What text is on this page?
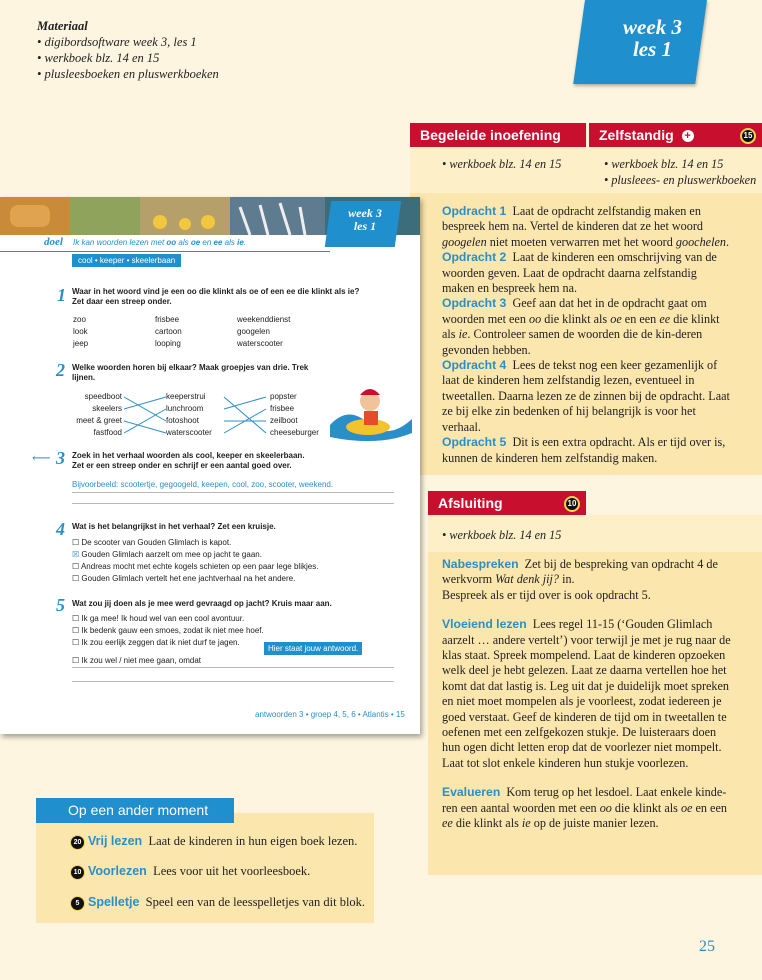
Materiaal
• digibordsoftware week 3, les 1
• werkboek blz. 14 en 15
• plusleesboeken en pluswerkboeken
week 3
les 1
Begeleide inoefening	Zelfstandig +	15
• werkboek blz. 14 en 15	• werkboek blz. 14 en 15
• plusleees- en pluswerkboeken

Opdracht 1 Laat de opdracht zelfstandig maken en bespreek hem na. Vertel de kinderen dat ze het woord googelen niet moeten verwarren met het woord goochelen.

Opdracht 2 Laat de kinderen een omschrijving van de woorden geven. Laat de opdracht daarna zelfstandig maken en bespreek hem na.

Opdracht 3 Geef aan dat het in de opdracht gaat om woorden met een oo die klinkt als oe en een ee die klinkt als ie. Controleer samen de woorden die de kin-deren gevonden hebben.

Opdracht 4 Lees de tekst nog een keer gezamenlijk of laat de kinderen hem zelfstandig lezen, eventueel in tweetallen. Daarna lezen ze de zinnen bij de opdracht. Laat ze bij elke zin bedenken of hij belangrijk is voor het verhaal.

Opdracht 5 Dit is een extra opdracht. Als er tijd over is, kunnen de kinderen hem zelfstandig maken.

Afsluiting	10
• werkboek blz. 14 en 15

Nabespreken Zet bij de bespreking van opdracht 4 de werkvorm Wat denk jij? in.

Bespreek als er tijd over is ook opdracht 5.

Vloeiend lezen Lees regel 11-15 (‘Gouden Glimlach aarzelt … andere vertelt’) voor terwijl je met je rug naar de klas staat. Spreek mompelend. Laat de kinderen opzoeken welk deel je hebt gelezen. Laat ze daarna vertellen hoe het komt dat dat lastig is. Leg uit dat je duidelijk moet spreken en niet moet mompelen als je voorleest, zodat iedereen je goed verstaat. Geef de kinderen de tijd om in tweetallen te oefenen met een zelfgekozen stukje. De luisteraars doen hun ogen dicht letten erop dat de voorlezer niet mompelt. Laat tot slot enkele kinderen hun stukje voorlezen.

Evalueren Kom terug op het lesdoel. Laat enkele kinde-ren een aantal woorden met een oo die klinkt als oe en een ee die klinkt als ie op de juiste manier lezen.

week 3
les 1
doel Ik kan woorden lezen met oo als oe en ee als ie.
cool • keeper • skeelerbaan
1 Waar in het woord vind je een oo die klinkt als oe of een ee die klinkt als ie? Zet daar een streep onder.
zoo	frisbee	weekenddienst
look	cartoon	googelen
jeep	looping	waterscooter
2 Welke woorden horen bij elkaar? Maak groepjes van drie. Trek lijnen.
speedboot
skeelers
meet & greet
fastfood
keeperstrui
lunchroom
fotoshoot
waterscooter
popster
frisbee
zeilboot
cheeseburger
⟵ 3 Zoek in het verhaal woorden als cool, keeper en skeelerbaan.
Zet er een streep onder en schrijf er een aantal goed over.
Bijvoorbeeld: scootertje, gegoogeld, keepen, cool, zoo, scooter, weekend.
4 Wat is het belangrijkst in het verhaal? Zet een kruisje.
☐ De scooter van Gouden Glimlach is kapot.
☒ Gouden Glimlach aarzelt om mee op jacht te gaan.
☐ Andreas mocht met echte kogels schieten op een paar lege blikjes.
☐ Gouden Glimlach vertelt het ene jachtverhaal na het andere.
5 Wat zou jij doen als je mee werd gevraagd op jacht? Kruis maar aan.
☐ Ik ga mee! Ik houd wel van een cool avontuur.
☐ Ik bedenk gauw een smoes, zodat ik niet mee hoef.
☐ Ik zou eerlijk zeggen dat ik niet durf te jagen.
Hier staat jouw antwoord.
☐ Ik zou wel / niet mee gaan, omdat
antwoorden 3 • groep 4, 5, 6 • Atlantis • 15
20 Vrij lezen Laat de kinderen in hun eigen boek lezen.
10 Voorlezen Lees voor uit het voorleesboek.
5 Spelletje Speel een van de leesspelletjes van dit blok.
Op een ander moment
25
